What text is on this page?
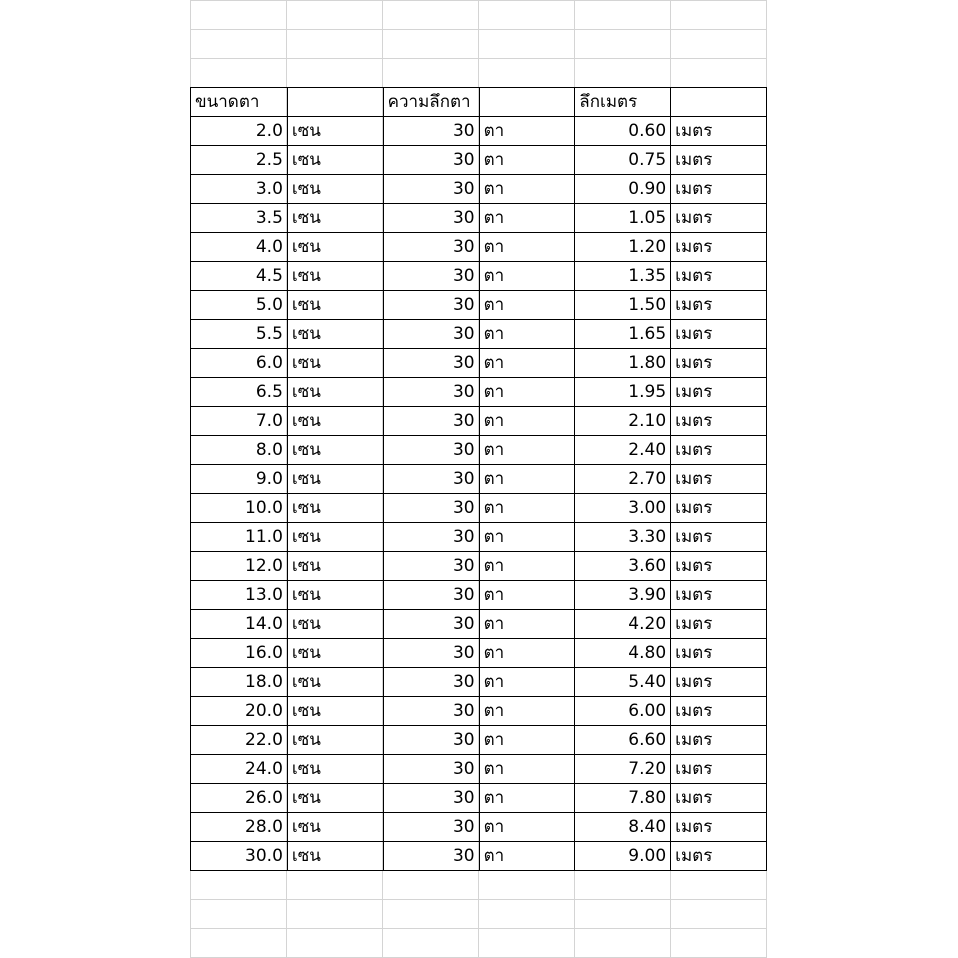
ขนาดตา		ความลึกตา		ลึกเมตร	
2.0	เซน	30	ตา	0.60	เมตร
2.5	เซน	30	ตา	0.75	เมตร
3.0	เซน	30	ตา	0.90	เมตร
3.5	เซน	30	ตา	1.05	เมตร
4.0	เซน	30	ตา	1.20	เมตร
4.5	เซน	30	ตา	1.35	เมตร
5.0	เซน	30	ตา	1.50	เมตร
5.5	เซน	30	ตา	1.65	เมตร
6.0	เซน	30	ตา	1.80	เมตร
6.5	เซน	30	ตา	1.95	เมตร
7.0	เซน	30	ตา	2.10	เมตร
8.0	เซน	30	ตา	2.40	เมตร
9.0	เซน	30	ตา	2.70	เมตร
10.0	เซน	30	ตา	3.00	เมตร
11.0	เซน	30	ตา	3.30	เมตร
12.0	เซน	30	ตา	3.60	เมตร
13.0	เซน	30	ตา	3.90	เมตร
14.0	เซน	30	ตา	4.20	เมตร
16.0	เซน	30	ตา	4.80	เมตร
18.0	เซน	30	ตา	5.40	เมตร
20.0	เซน	30	ตา	6.00	เมตร
22.0	เซน	30	ตา	6.60	เมตร
24.0	เซน	30	ตา	7.20	เมตร
26.0	เซน	30	ตา	7.80	เมตร
28.0	เซน	30	ตา	8.40	เมตร
30.0	เซน	30	ตา	9.00	เมตร
